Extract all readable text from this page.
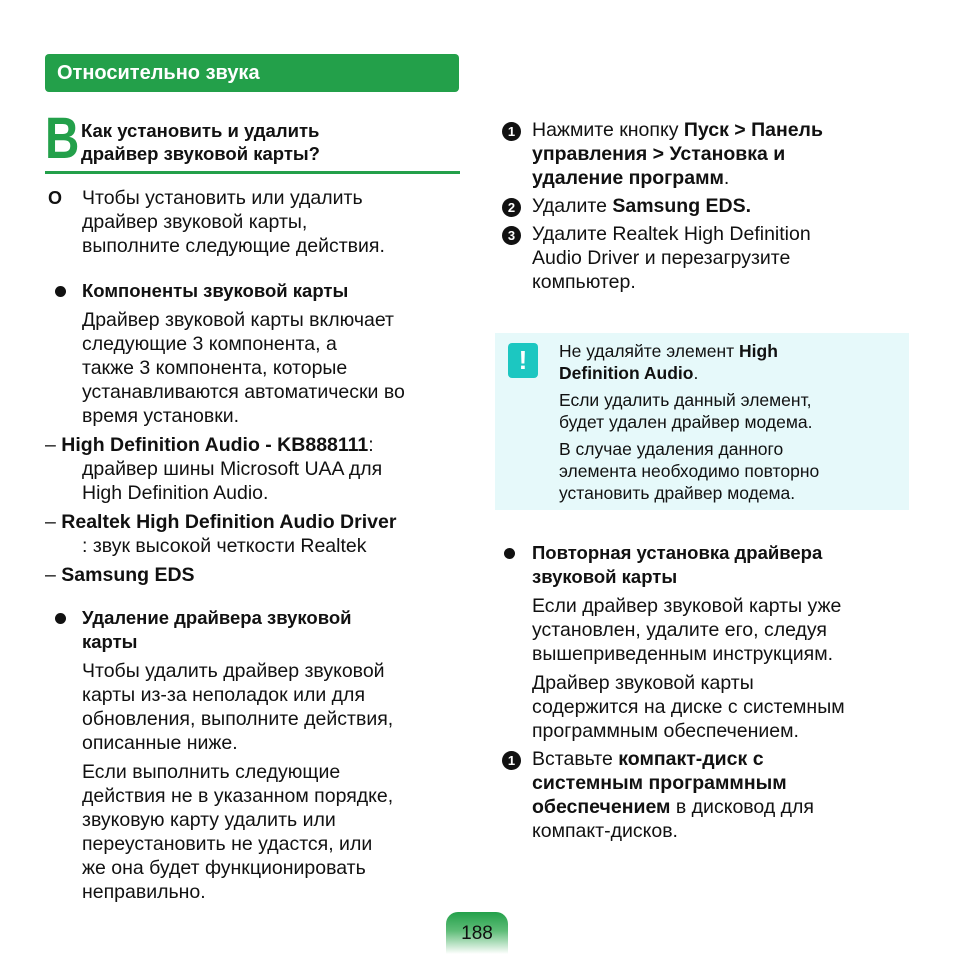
Относительно звука
B Как установить и удалить
драйвер звуковой карты?
O	Чтобы установить или удалить
драйвер звуковой карты,
выполните следующие действия.
Компоненты звуковой карты
Драйвер звуковой карты включает
следующие 3 компонента, а
также 3 компонента, которые
устанавливаются автоматически во
время установки.
– High Definition Audio - KB888111:
драйвер шины Microsoft UAA для
High Definition Audio.
– Realtek High Definition Audio Driver
: звук высокой четкости Realtek
– Samsung EDS
Удаление драйвера звуковой
карты
Чтобы удалить драйвер звуковой
карты из-за неполадок или для
обновления, выполните действия,
описанные ниже.
Если выполнить следующие
действия не в указанном порядке,
звуковую карту удалить или
переустановить не удастся, или
же она будет функционировать
неправильно.
1 Нажмите кнопку Пуск > Панель
управления > Установка и
удаление программ.
2 Удалите Samsung EDS.
3 Удалите Realtek High Definition
Audio Driver и перезагрузите
компьютер.
!	Не удаляйте элемент High
Definition Audio.
Если удалить данный элемент,
будет удален драйвер модема.
В случае удаления данного
элемента необходимо повторно
установить драйвер модема.
Повторная установка драйвера
звуковой карты
Если драйвер звуковой карты уже
установлен, удалите его, следуя
вышеприведенным инструкциям.
Драйвер звуковой карты
содержится на диске с системным
программным обеспечением.
1 Вставьте компакт-диск с
системным программным
обеспечением в дисковод для
компакт-дисков.
188
